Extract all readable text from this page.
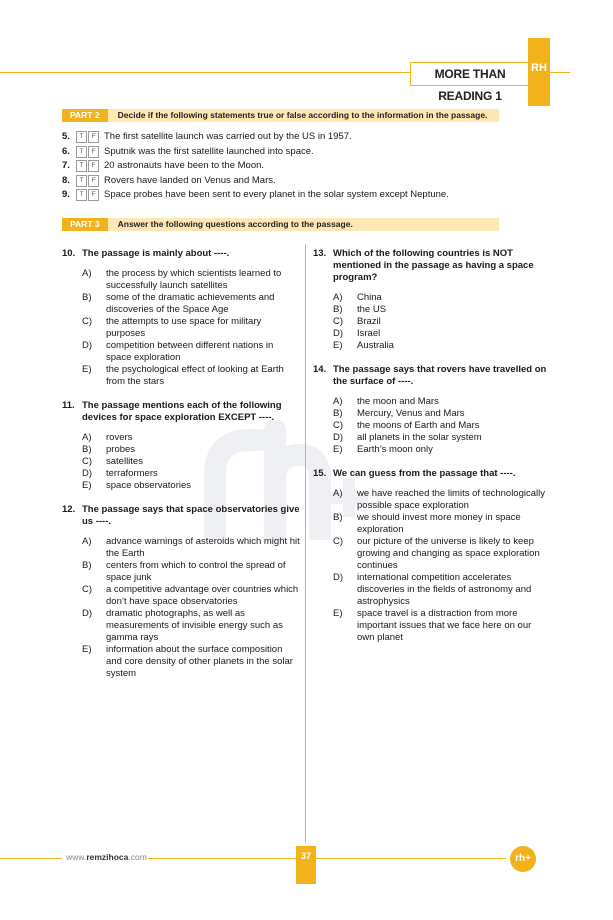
MORE THAN READING 1
RH
PART 2 Decide if the following statements true or false according to the information in the passage.
5. T F The first satellite launch was carried out by the US in 1957.
6. T F Sputnik was the first satellite launched into space.
7. T F 20 astronauts have been to the Moon.
8. T F Rovers have landed on Venus and Mars.
9. T F Space probes have been sent to every planet in the solar system except Neptune.
PART 3 Answer the following questions according to the passage.
10. The passage is mainly about ----.
A)	the process by which scientists learned to successfully launch satellites
B)	some of the dramatic achievements and discoveries of the Space Age
C)	the attempts to use space for military purposes
D)	competition between different nations in space exploration
E)	the psychological effect of looking at Earth from the stars
11. The passage mentions each of the following devices for space exploration EXCEPT ----.
A)	rovers
B)	probes
C)	satellites
D)	terraformers
E)	space observatories
12. The passage says that space observatories give us ----.
A)	advance warnings of asteroids which might hit the Earth
B)	centers from which to control the spread of space junk
C)	a competitive advantage over countries which don’t have space observatories
D)	dramatic photographs, as well as measurements of invisible energy such as gamma rays
E)	information about the surface composition and core density of other planets in the solar system
13. Which of the following countries is NOT mentioned in the passage as having a space program?
A)	China
B)	the US
C)	Brazil
D)	Israel
E)	Australia
14. The passage says that rovers have travelled on the surface of ----.
A)	the moon and Mars
B)	Mercury, Venus and Mars
C)	the moons of Earth and Mars
D)	all planets in the solar system
E)	Earth’s moon only
15. We can guess from the passage that ----.
A)	we have reached the limits of technologically possible space exploration
B)	we should invest more money in space exploration
C)	our picture of the universe is likely to keep growing and changing as space exploration continues
D)	international competition accelerates discoveries in the fields of astronomy and astrophysics
E)	space travel is a distraction from more important issues that we face here on our own planet
www.remzihoca.com	37	rh+
